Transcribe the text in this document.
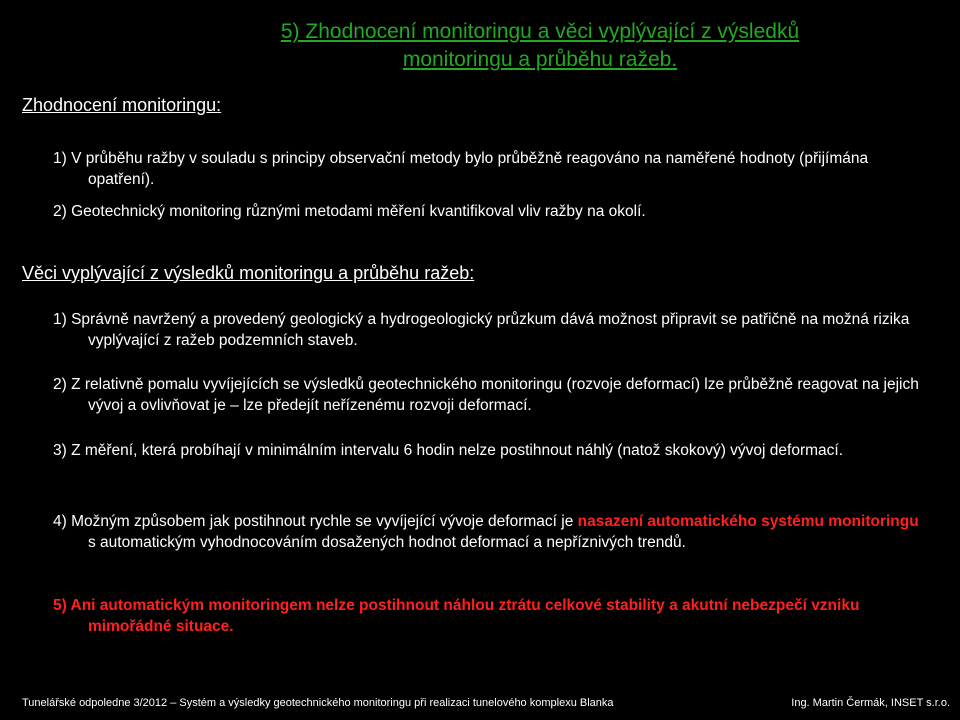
5) Zhodnocení monitoringu a věci vyplývající z výsledků
monitoringu a průběhu ražeb.
Zhodnocení monitoringu:

1) V průběhu ražby v souladu s principy observační metody bylo průběžně reagováno na naměřené hodnoty (přijímána opatření).

2) Geotechnický monitoring různými metodami měření kvantifikoval vliv ražby na okolí.

Věci vyplývající z výsledků monitoringu a průběhu ražeb:

1) Správně navržený a provedený geologický a hydrogeologický průzkum dává možnost připravit se patřičně na možná rizika vyplývající z ražeb podzemních staveb.

2) Z relativně pomalu vyvíjejících se výsledků geotechnického monitoringu (rozvoje deformací) lze průběžně reagovat na jejich vývoj a ovlivňovat je – lze předejít neřízenému rozvoji deformací.

3) Z měření, která probíhají v minimálním intervalu 6 hodin nelze postihnout náhlý (natož skokový) vývoj deformací.

4) Možným způsobem jak postihnout rychle se vyvíjející vývoje deformací je nasazení automatického systému monitoringu s automatickým vyhodnocováním dosažených hodnot deformací a nepříznivých trendů.

5) Ani automatickým monitoringem nelze postihnout náhlou ztrátu celkové stability a akutní nebezpečí vzniku mimořádné situace.

Tunelářské odpoledne 3/2012 – Systém a výsledky geotechnického monitoringu při realizaci tunelového komplexu Blanka	Ing. Martin Čermák, INSET s.r.o.
